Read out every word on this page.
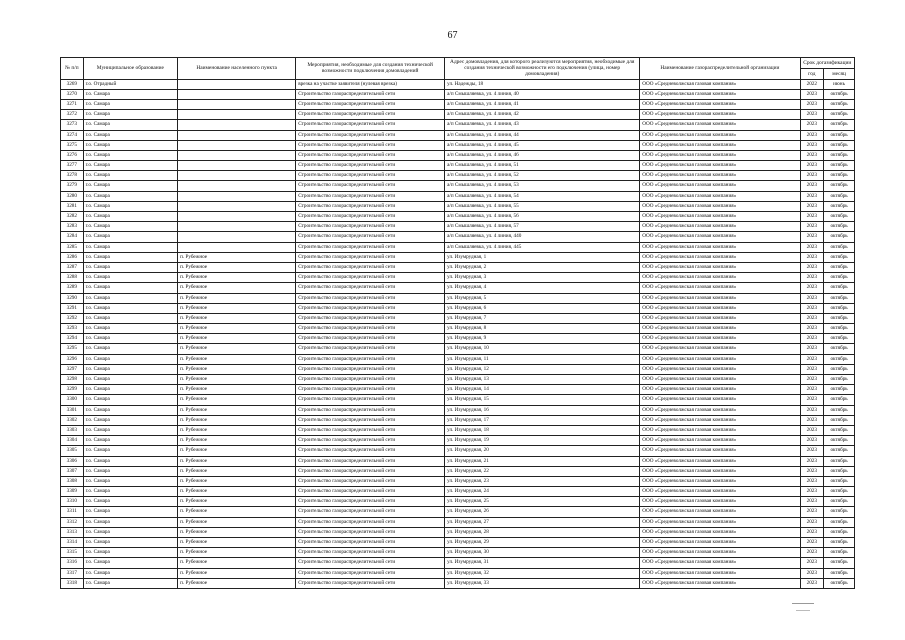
67
№ п/п	Муниципальное образование	Наименование населенного пункта	Мероприятия, необходимые для создания технической возможности подключения домовладений	Адрес домовладения, для которого реализуются мероприятия, необходимые для создания технической возможности его подключения (улица, номер домовладения)	Наименование газораспределительной организации	Срок догазификации	
						год	месяц
3269	г.о. Отрадный		врезка на участке заявителя (нулевая врезка)	ул. Надежды, 18	ООО «Средневолжская газовая компания»	2022	июнь
3270	г.о. Самара		Строительство газораспределительной сети	а/п Смышляевка, ул. 4 линия, 40	ООО «Средневолжская газовая компания»	2023	октябрь
3271	г.о. Самара		Строительство газораспределительной сети	а/п Смышляевка, ул. 4 линия, 41	ООО «Средневолжская газовая компания»	2023	октябрь
3272	г.о. Самара		Строительство газораспределительной сети	а/п Смышляевка, ул. 4 линия, 42	ООО «Средневолжская газовая компания»	2023	октябрь
3273	г.о. Самара		Строительство газораспределительной сети	а/п Смышляевка, ул. 4 линия, 43	ООО «Средневолжская газовая компания»	2023	октябрь
3274	г.о. Самара		Строительство газораспределительной сети	а/п Смышляевка, ул. 4 линия, 44	ООО «Средневолжская газовая компания»	2023	октябрь
3275	г.о. Самара		Строительство газораспределительной сети	а/п Смышляевка, ул. 4 линия, 45	ООО «Средневолжская газовая компания»	2023	октябрь
3276	г.о. Самара		Строительство газораспределительной сети	а/п Смышляевка, ул. 4 линия, 46	ООО «Средневолжская газовая компания»	2023	октябрь
3277	г.о. Самара		Строительство газораспределительной сети	а/п Смышляевка, ул. 4 линия, 51	ООО «Средневолжская газовая компания»	2023	октябрь
3278	г.о. Самара		Строительство газораспределительной сети	а/п Смышляевка, ул. 4 линия, 52	ООО «Средневолжская газовая компания»	2023	октябрь
3279	г.о. Самара		Строительство газораспределительной сети	а/п Смышляевка, ул. 4 линия, 53	ООО «Средневолжская газовая компания»	2023	октябрь
3280	г.о. Самара		Строительство газораспределительной сети	а/п Смышляевка, ул. 4 линия, 54	ООО «Средневолжская газовая компания»	2023	октябрь
3281	г.о. Самара		Строительство газораспределительной сети	а/п Смышляевка, ул. 4 линия, 55	ООО «Средневолжская газовая компания»	2023	октябрь
3282	г.о. Самара		Строительство газораспределительной сети	а/п Смышляевка, ул. 4 линия, 56	ООО «Средневолжская газовая компания»	2023	октябрь
3283	г.о. Самара		Строительство газораспределительной сети	а/п Смышляевка, ул. 4 линия, 57	ООО «Средневолжская газовая компания»	2023	октябрь
3284	г.о. Самара		Строительство газораспределительной сети	а/п Смышляевка, ул. 4 линия, 440	ООО «Средневолжская газовая компания»	2023	октябрь
3285	г.о. Самара		Строительство газораспределительной сети	а/п Смышляевка, ул. 4 линия, 445	ООО «Средневолжская газовая компания»	2023	октябрь
3286	г.о. Самара	п. Рубежное	Строительство газораспределительной сети	ул. Изумрудная, 1	ООО «Средневолжская газовая компания»	2023	октябрь
3287	г.о. Самара	п. Рубежное	Строительство газораспределительной сети	ул. Изумрудная, 2	ООО «Средневолжская газовая компания»	2023	октябрь
3288	г.о. Самара	п. Рубежное	Строительство газораспределительной сети	ул. Изумрудная, 3	ООО «Средневолжская газовая компания»	2023	октябрь
3289	г.о. Самара	п. Рубежное	Строительство газораспределительной сети	ул. Изумрудная, 4	ООО «Средневолжская газовая компания»	2023	октябрь
3290	г.о. Самара	п. Рубежное	Строительство газораспределительной сети	ул. Изумрудная, 5	ООО «Средневолжская газовая компания»	2023	октябрь
3291	г.о. Самара	п. Рубежное	Строительство газораспределительной сети	ул. Изумрудная, 6	ООО «Средневолжская газовая компания»	2023	октябрь
3292	г.о. Самара	п. Рубежное	Строительство газораспределительной сети	ул. Изумрудная, 7	ООО «Средневолжская газовая компания»	2023	октябрь
3293	г.о. Самара	п. Рубежное	Строительство газораспределительной сети	ул. Изумрудная, 8	ООО «Средневолжская газовая компания»	2023	октябрь
3294	г.о. Самара	п. Рубежное	Строительство газораспределительной сети	ул. Изумрудная, 9	ООО «Средневолжская газовая компания»	2023	октябрь
3295	г.о. Самара	п. Рубежное	Строительство газораспределительной сети	ул. Изумрудная, 10	ООО «Средневолжская газовая компания»	2023	октябрь
3296	г.о. Самара	п. Рубежное	Строительство газораспределительной сети	ул. Изумрудная, 11	ООО «Средневолжская газовая компания»	2023	октябрь
3297	г.о. Самара	п. Рубежное	Строительство газораспределительной сети	ул. Изумрудная, 12	ООО «Средневолжская газовая компания»	2023	октябрь
3298	г.о. Самара	п. Рубежное	Строительство газораспределительной сети	ул. Изумрудная, 13	ООО «Средневолжская газовая компания»	2023	октябрь
3299	г.о. Самара	п. Рубежное	Строительство газораспределительной сети	ул. Изумрудная, 14	ООО «Средневолжская газовая компания»	2023	октябрь
3300	г.о. Самара	п. Рубежное	Строительство газораспределительной сети	ул. Изумрудная, 15	ООО «Средневолжская газовая компания»	2023	октябрь
3301	г.о. Самара	п. Рубежное	Строительство газораспределительной сети	ул. Изумрудная, 16	ООО «Средневолжская газовая компания»	2023	октябрь
3302	г.о. Самара	п. Рубежное	Строительство газораспределительной сети	ул. Изумрудная, 17	ООО «Средневолжская газовая компания»	2023	октябрь
3303	г.о. Самара	п. Рубежное	Строительство газораспределительной сети	ул. Изумрудная, 18	ООО «Средневолжская газовая компания»	2023	октябрь
3304	г.о. Самара	п. Рубежное	Строительство газораспределительной сети	ул. Изумрудная, 19	ООО «Средневолжская газовая компания»	2023	октябрь
3305	г.о. Самара	п. Рубежное	Строительство газораспределительной сети	ул. Изумрудная, 20	ООО «Средневолжская газовая компания»	2023	октябрь
3306	г.о. Самара	п. Рубежное	Строительство газораспределительной сети	ул. Изумрудная, 21	ООО «Средневолжская газовая компания»	2023	октябрь
3307	г.о. Самара	п. Рубежное	Строительство газораспределительной сети	ул. Изумрудная, 22	ООО «Средневолжская газовая компания»	2023	октябрь
3308	г.о. Самара	п. Рубежное	Строительство газораспределительной сети	ул. Изумрудная, 23	ООО «Средневолжская газовая компания»	2023	октябрь
3309	г.о. Самара	п. Рубежное	Строительство газораспределительной сети	ул. Изумрудная, 24	ООО «Средневолжская газовая компания»	2023	октябрь
3310	г.о. Самара	п. Рубежное	Строительство газораспределительной сети	ул. Изумрудная, 25	ООО «Средневолжская газовая компания»	2023	октябрь
3311	г.о. Самара	п. Рубежное	Строительство газораспределительной сети	ул. Изумрудная, 26	ООО «Средневолжская газовая компания»	2023	октябрь
3312	г.о. Самара	п. Рубежное	Строительство газораспределительной сети	ул. Изумрудная, 27	ООО «Средневолжская газовая компания»	2023	октябрь
3313	г.о. Самара	п. Рубежное	Строительство газораспределительной сети	ул. Изумрудная, 28	ООО «Средневолжская газовая компания»	2023	октябрь
3314	г.о. Самара	п. Рубежное	Строительство газораспределительной сети	ул. Изумрудная, 29	ООО «Средневолжская газовая компания»	2023	октябрь
3315	г.о. Самара	п. Рубежное	Строительство газораспределительной сети	ул. Изумрудная, 30	ООО «Средневолжская газовая компания»	2023	октябрь
3316	г.о. Самара	п. Рубежное	Строительство газораспределительной сети	ул. Изумрудная, 31	ООО «Средневолжская газовая компания»	2023	октябрь
3317	г.о. Самара	п. Рубежное	Строительство газораспределительной сети	ул. Изумрудная, 32	ООО «Средневолжская газовая компания»	2023	октябрь
3318	г.о. Самара	п. Рубежное	Строительство газораспределительной сети	ул. Изумрудная, 33	ООО «Средневолжская газовая компания»	2023	октябрь
